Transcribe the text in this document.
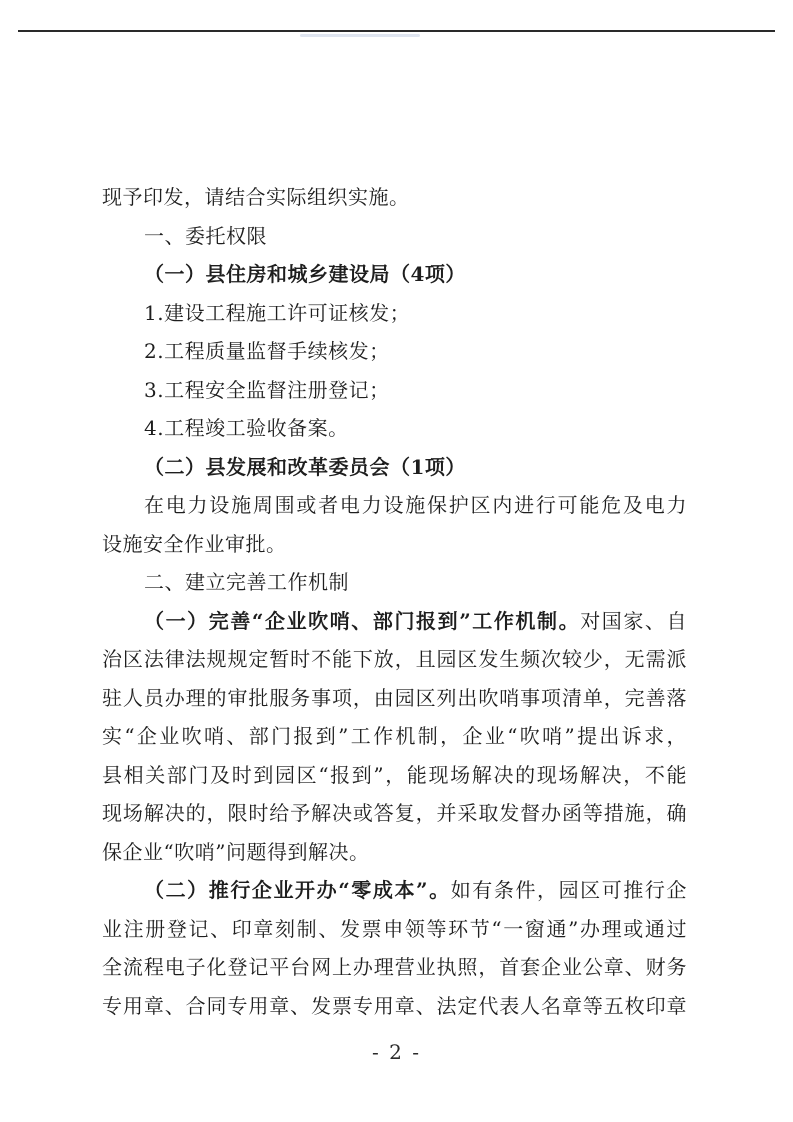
现予印发，请结合实际组织实施。
一、委托权限
（一）县住房和城乡建设局（4项）
1.建设工程施工许可证核发；
2.工程质量监督手续核发；
3.工程安全监督注册登记；
4.工程竣工验收备案。
（二）县发展和改革委员会（1项）
在电力设施周围或者电力设施保护区内进行可能危及电力
设施安全作业审批。
二、建立完善工作机制
（一）完善“企业吹哨、部门报到”工作机制。对国家、自
治区法律法规规定暂时不能下放，且园区发生频次较少，无需派
驻人员办理的审批服务事项，由园区列出吹哨事项清单，完善落
实“企业吹哨、部门报到”工作机制，企业“吹哨”提出诉求，
县相关部门及时到园区“报到”，能现场解决的现场解决，不能
现场解决的，限时给予解决或答复，并采取发督办函等措施，确
保企业“吹哨”问题得到解决。
（二）推行企业开办“零成本”。如有条件，园区可推行企
业注册登记、印章刻制、发票申领等环节“一窗通”办理或通过
全流程电子化登记平台网上办理营业执照，首套企业公章、财务
专用章、合同专用章、发票专用章、法定代表人名章等五枚印章
- 2 -
